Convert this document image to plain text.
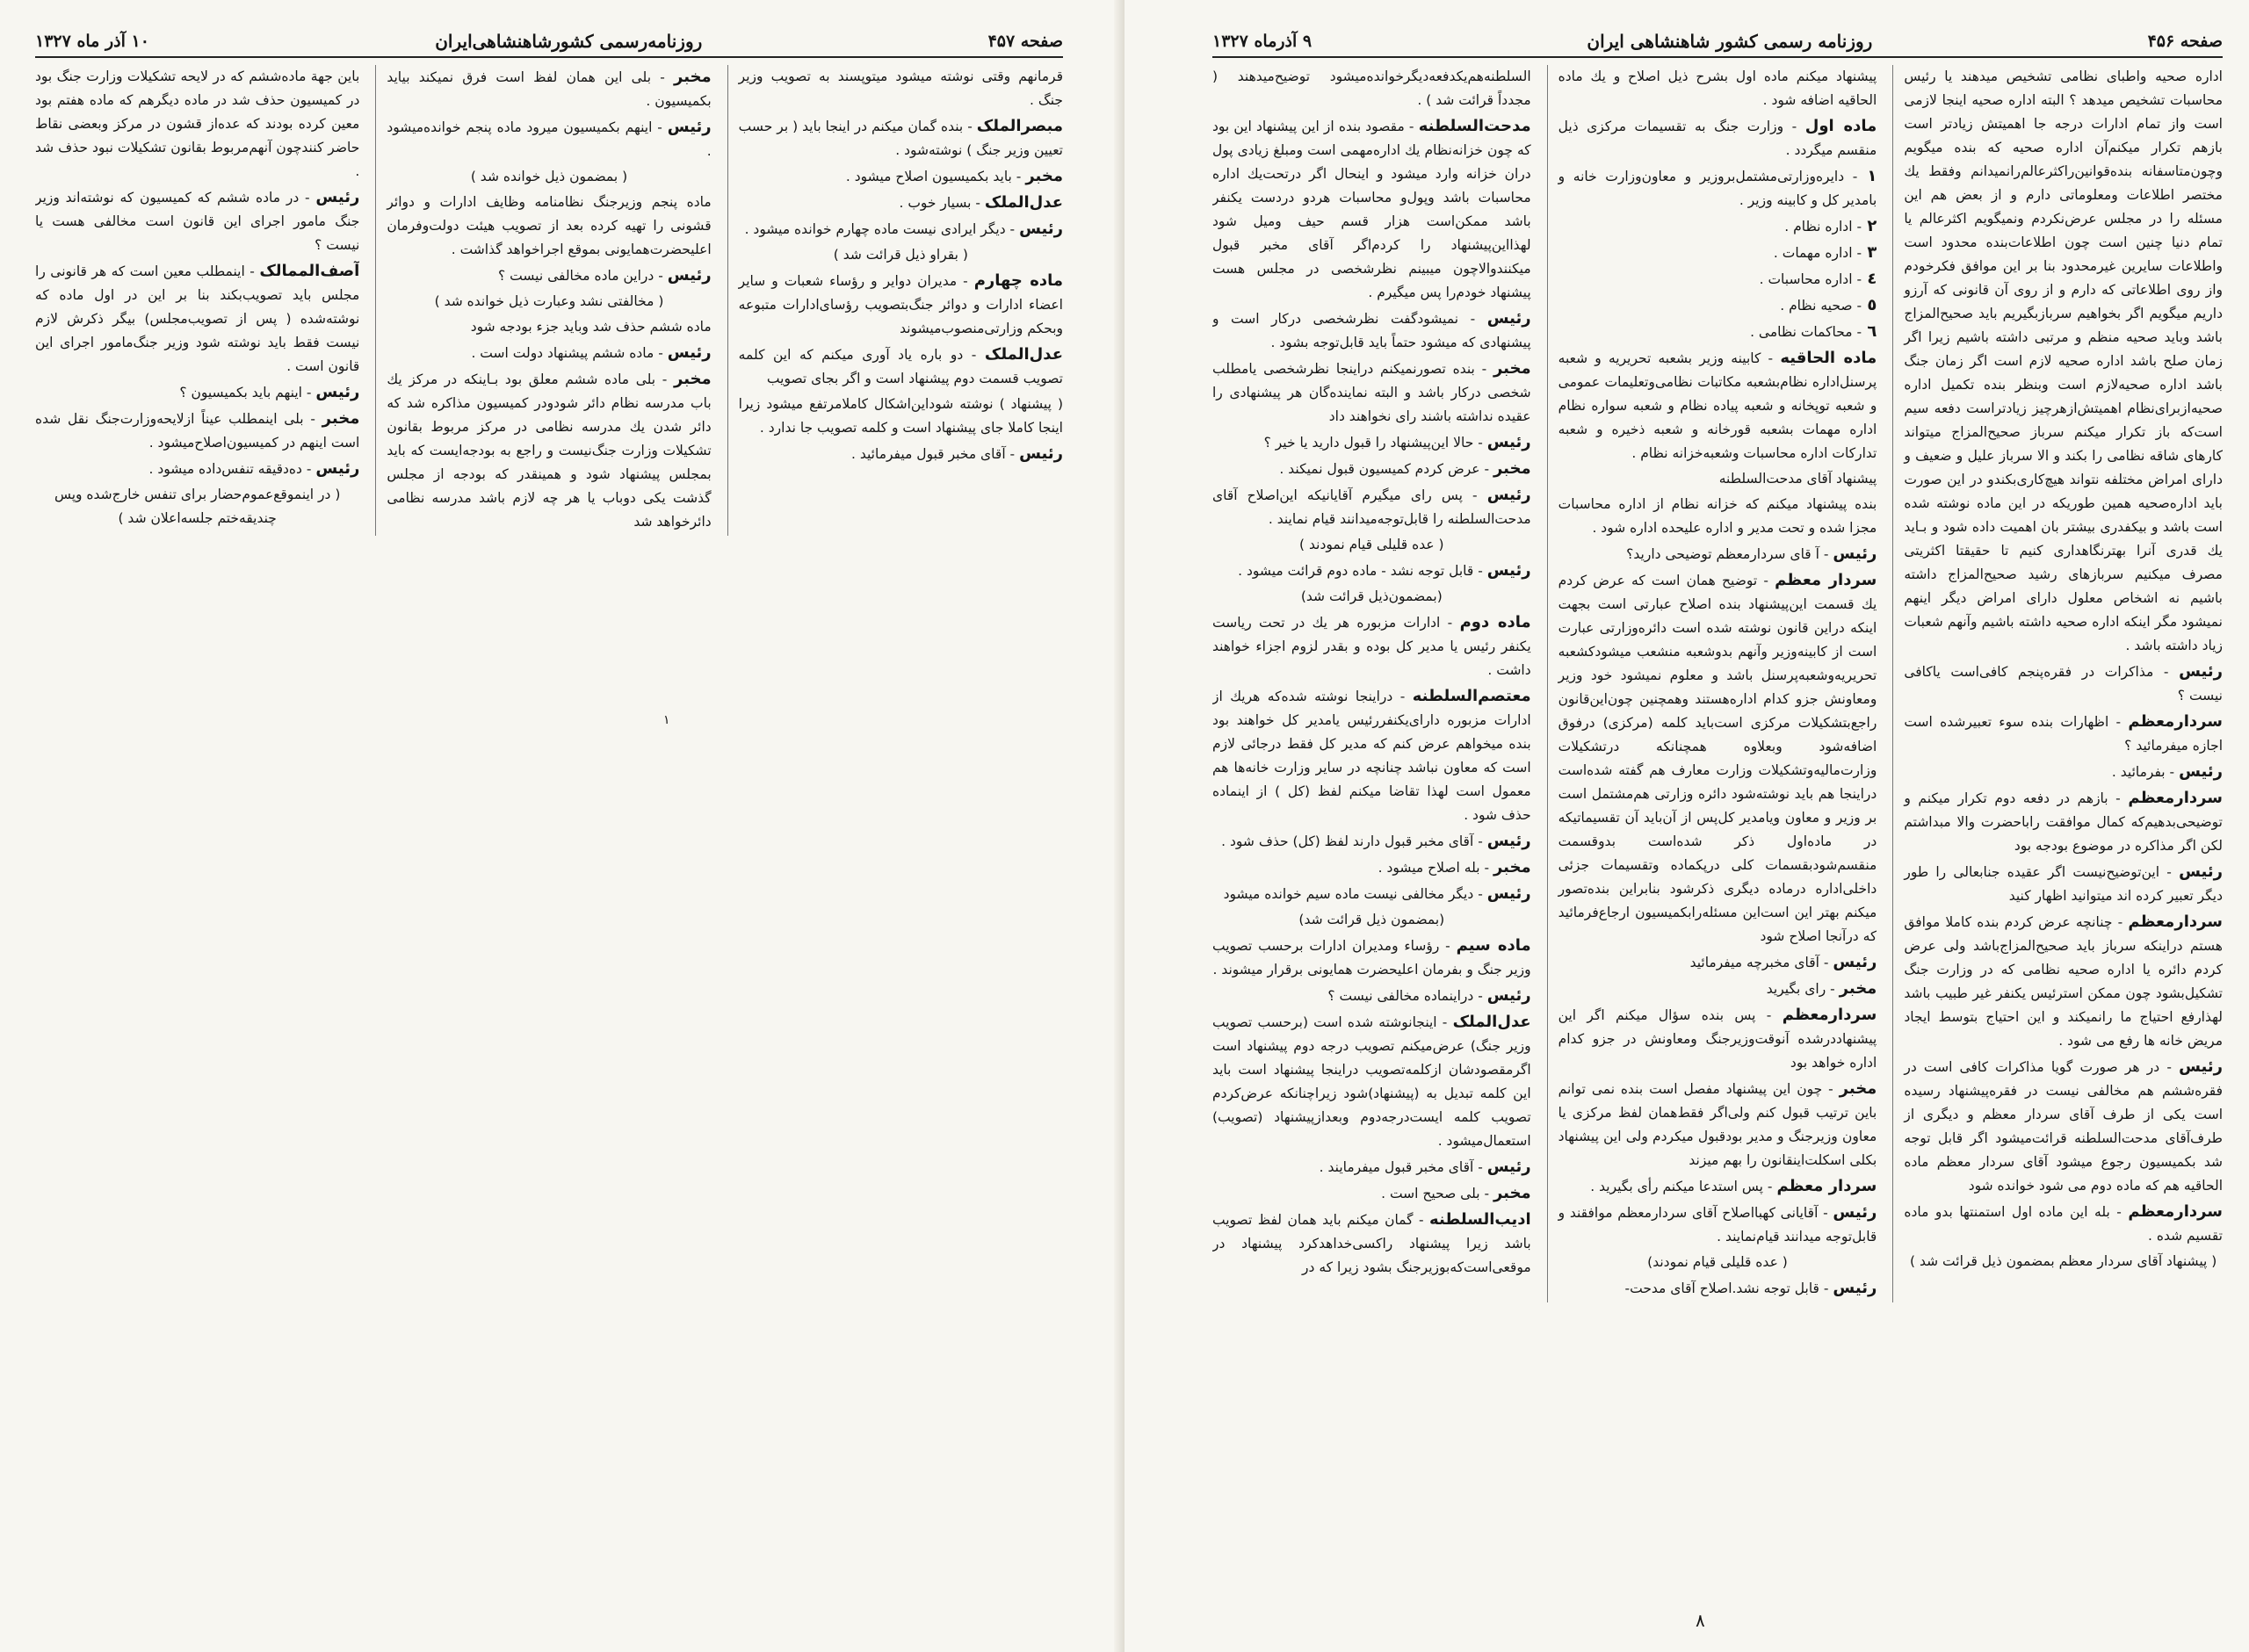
صفحه ۴۵۷
روزنامه‌رسمی کشورشاهنشاهی‌ایران
۱۰ آذر ماه ۱۳۲۷

قرمانهم وقتی نوشته میشود میتوپسند به تصویب وزیر جنگ .

مبصرالملک - بنده گمان میکنم در اینجا باید ( بر حسب تعیین وزیر جنگ ) نوشته‌شود .

مخبر - باید بکمیسیون اصلاح میشود .

عدل‌الملک - بسیار خوب .

رئیس - دیگر ایرادی نیست ماده چهارم خوانده میشود .

( بقراو ذیل قرائت شد )

ماده چهارم - مدیران دوایر و رؤساء شعبات و سایر اعضاء ادارات و دوائر جنگ‌بتصویب رؤسای‌ادارات متبوعه وبحکم وزارتی‌منصوب‌میشوند

عدل‌الملک - دو باره یاد آوری میکنم که این کلمه تصویب قسمت دوم پیشنهاد است و اگر بجای تصویب

( پیشنهاد ) نوشته شوداین‌اشکال کاملامرتفع میشود زیرا اینجا کاملا جای پیشنهاد است و کلمه تصویب جا ندارد .

رئیس - آقای مخبر قبول میفرمائید .

مخبر - بلی این همان لفظ است فرق نمیکند بیاید بکمیسیون .

رئیس - اینهم بکمیسیون میرود ماده پنجم خوانده‌میشود .

( بمضمون ذیل خوانده شد )

ماده پنجم وزیر‌جنگ نظامنامه وظایف ادارات و دوائر قشونی را تهیه کرده بعد از تصویب هیئت دولت‌وفرمان اعلیحضرت‌همایونی بموقع اجراخواهد گذاشت .

رئیس - دراین ماده مخالفی نیست ؟

( مخالفتی نشد وعبارت ذیل خوانده شد )

ماده ششم حذف شد وباید جزء بودجه شود

رئیس - ماده ششم پیشنهاد دولت است .

مخبر - بلی ماده ششم معلق بود بـاینکه در مرکز یك باب مدرسه نظام دائر شودودر کمیسیون مذاکره شد که دائر شدن یك مدرسه نظامی در مرکز مربوط بقانون تشکیلات وزارت جنگ‌نیست و راجع به بودجه‌ایست که باید بمجلس پیشنهاد شود و همینقدر که بودجه از مجلس گذشت یکی دوباب یا هر چه لازم باشد مدرسه نظامی دائرخواهد شد

باین جهة ماده‌ششم که در لایحه تشکیلات وزارت جنگ بود در کمیسیون حذف شد در ماده دیگرهم که ماده هفتم بود معین کرده بودند که عده‌از قشون در مرکز وبعضی نقاط حاضر کنندچون آنهم‌مربوط بقانون تشکیلات نبود حذف شد .

رئیس - در ماده ششم که کمیسیون که نوشته‌اند وزیر جنگ مامور اجرای این قانون است مخالفی هست یا نیست ؟

آصف‌الممالک - اینمطلب معین است که هر قانونی را مجلس باید تصویب‌بکند بنا بر این در اول ماده که نوشته‌شده ( پس از تصویب‌مجلس) بیگر ذکرش لازم نیست فقط باید نوشته شود وزیر جنگ‌مامور اجرای این قانون است .

رئیس - اینهم باید بکمیسیون ؟

مخبر - بلی اینمطلب عیناً ازلایحه‌وزارت‌جنگ نقل شده است اینهم در کمیسیون‌اصلاح‌میشود .

رئیس - دەدقیقه تنفس‌داده میشود .

( در اینموقع‌عموم‌حضار برای تنفس خارج‌شده وپس چندیقه‌ختم جلسه‌اعلان شد )

۱
صفحه ۴۵۶
روزنامه رسمی کشور شاهنشاهی ایران
۹ آذرماه ۱۳۲۷

اداره صحیه واطبای نظامی تشخیص میدهند یا رئیس محاسبات تشخیص میدهد ؟ البته اداره صحیه اینجا لازمی است واز تمام ادارات درجه‌ جا اهمیتش زیادتر است بازهم تکرار میکنم‌آن اداره صحیه که بنده میگویم وچون‌متاسفانه بنده‌قوانین‌را‌کثرعالم‌را‌نمیدانم وفقط یك مختصر اطلاعات ومعلوماتی دارم و از بعض هم این مسئله را در مجلس عرض‌نکردم ونمیگویم اکثرعالم یا تمام دنیا چنین است چون اطلاعات‌بنده محدود است واطلاعات سایرین غیرمحدود بنا بر این موافق فکرخودم واز روی اطلاعاتی که دارم و از روی آن قانونی که آرزو داریم میگویم اگر بخواهیم سربازبگیریم باید صحیح‌المزاج باشد وباید صحیه منظم و مرتبی داشته باشیم زیرا اگر زمان صلح باشد اداره صحیه لازم است اگر زمان جنگ باشد اداره صحیه‌لازم است وبنظر بنده تکمیل اداره صحیه‌ازبرای‌نظام اهمیتش‌ازهرچیز زیادتراست دفعه سیم است‌که باز تکرار میکنم سرباز صحیح‌المزاج میتواند کارهای شاقه نظامی را بکند و الا سرباز علیل و ضعیف و دارای امراض مختلفه نتواند هیچ‌کاری‌بکندو در این صورت باید اداره‌صحیه همین طوریکه در این ماده نوشته شده است باشد و بیکفدری بیشتر بان اهمیت داده شود و بـاید یك قدری آنرا بهتر‌نگاهداری کنیم تا حقیقتا اکثریتی مصرف میکنیم سربازهای رشید صحیح‌المزاج داشته باشیم نه اشخاص معلول دارای امراض دیگر اینهم نمیشود مگر اینکه اداره صحیه داشته باشیم وآنهم شعبات زیاد داشته باشد .

رئیس - مذاکرات در فقره‌پنجم کافی‌است یاکافی نیست ؟

سردار‌معظم - اظهارات بنده سوء تعبیرشده است اجازه میفرمائید ؟

رئیس - بفرمائید .

سردار‌معظم - بازهم در دفعه دوم تکرار میکنم و توضیحی‌بدهیم‌که کمال موافقت‌ رابا‌حضرت والا مبداشتم لکن اگر مذاکره در موضوع بودجه بود

رئیس - این‌توضیح‌نیست اگر عقیده جنابعالی را طور دیگر تعبیر کرده اند میتوانید اظهار کنید

سردار‌معظم - چنانچه عرض کردم بنده کاملا موافق هستم دراینکه سرباز باید صحیح‌المزاج‌باشد ولی عرض کردم دائره یا اداره صحیه نظامی که در وزارت جنگ تشکیل‌بشود چون ممکن استرئیس یکنفر غیر طبیب باشد لهذارفع احتیاج ما رانمیکند و این احتیاج بتوسط ایجاد مریض خانه ها رفع می شود .

رئیس - در هر صورت گویا مذاکرات کافی است در فقره‌ششم هم مخالفی نیست در فقره‌پیشنهاد رسیده است یکی از طرف آقای سردار معظم و دیگری از طرف‌آقای مدحت‌السلطنه قرائت‌میشود اگر قابل توجه شد بکمیسیون رجوع میشود آقای سردار معظم ماده الحاقیه هم که ماده دوم می شود خوانده شود

سردار‌معظم - بله این ماده اول استمنتها بدو ماده تقسیم شده .

( پیشنهاد آقای سردار معظم بمضمون ذیل قرائت شد )

پیشنهاد میکنم ماده اول بشرح ذیل اصلاح و یك ماده الحاقیه اضافه شود .

ماده اول - وزارت جنگ به تقسیمات مرکزی ذیل منقسم میگردد .

۱ - دایره‌وزارتی‌مشتمل‌بروزیر و معاون‌وزارت خانه و بامدیر کل و کابینه وزیر .

۲ - اداره نظام .

۳ - اداره مهمات .

٤ - اداره محاسبات .

٥ - صحیه نظام .

٦ - محاکمات نظامی .

ماده الحاقیه - کابینه وزیر بشعبه تحریریه و شعبه پرسنل‌اداره نظام‌بشعبه مکاتبات نظامی‌وتعلیمات عمومی و شعبه توپخانه و شعبه پیاده نظام و شعبه سواره نظام اداره مهمات بشعبه قورخانه و شعبه ذخیره و شعبه تدارکات اداره محاسبات وشعبه‌خزانه نظام .

پیشنهاد آقای مدحت‌السلطنه

بنده پیشنهاد میکنم که خزانه نظام از اداره محاسبات مجزا شده و تحت مدیر و اداره علیحده اداره شود .

رئیس - آ قای سردارمعظم توضیحی دارید؟

سردار معظم - توضیح همان است که عرض کردم یك قسمت این‌پیشنهاد بنده اصلاح عبارتی است بجهت اینکه دراین قانون نوشته شده است دائره‌وزارتی عبارت است از کابینه‌وزیر وآنهم بدوشعبه منشعب میشود‌کشعبه تحریریه‌وشعبه‌پرسنل باشد و معلوم نمیشود خود وزیر ومعاونش جزو کدام اداره‌هستند وهمچنین چون‌این‌قانون راجع‌بتشکیلات مرکزی است‌باید کلمه (مرکزی) درفوق اضافه‌شود وبعلاوه همچنانکه در‌تشکیلات وزارت‌مالیه‌وتشکیلات وزارت معارف هم گفته شده‌است دراینجا هم‌ باید نوشته‌شود دائره وزارتی هم‌مشتمل است بر وزیر و معاون ویامدیر کل‌پس از آن‌باید آن تقسیماتیکه در ماده‌اول ذکر شده‌است بدوقسمت منقسم‌شودبقسمات کلی درپکماده وتقسیمات جزئی داخلی‌اداره درماده دیگری ذکرشود بنابراین بنده‌تصور میکنم بهتر این است‌این مسئله‌رابکمیسیون ارجاع‌فرمائید که درآنجا اصلاح شود

رئیس - آقای مخبرچه میفرمائید

مخبر - رای بگیرید

سردار‌معظم - پس بنده سؤال میکنم اگر این پیشنهاد‌درشده آنوقت‌وزیرجنگ ومعاونش در جزو کدام اداره خواهد بود

مخبر - چون این پیشنهاد مفصل است بنده نمی توانم باین ترتیب قبول کنم ولی‌اگر فقط‌همان لفظ مرکزی یا معاون وزیرجنگ و مدیر بودقبول میکردم ولی این پیشنهاد بکلی اسکلت‌اینقانون را بهم میزند

سردار معظم - پس استدعا میکنم رأی بگیرید .

رئیس - آقایانی کهبااصلاح آقای سردارمعظم موافقند و قابل‌توجه میدانند قیام‌نمایند .

( عده قلیلی قیام نمودند)

رئیس - قابل توجه نشد.اصلاح آقای مدحت-

السلطنه‌هم‌یکدفعه‌دیگر‌خوانده‌میشود‌ توضیح‌میدهند ( مجدداً قرائت شد ) .

مدحت‌السلطنه - مقصود بنده از این پیشنهاد این بود که چون خزانه‌نظام یك ادارەمهمی است ومبلغ زیادی پول دران خزانه وارد میشود و اینحال اگر درتحت‌یك اداره محاسبات باشد وپول‌و محاسبات هردو دردست یکنفر باشد ممکن‌است هزار قسم حیف ومیل شود لهذا‌این‌پیشنهاد را کردم‌اگر آقای مخبر قبول میکنند‌والاچون‌ میبینم نظرشخصی در مجلس هست پیشنهاد خودم‌را پس میگیرم .

رئیس - نمیشودگفت نظرشخصی درکار است و پیشنهادی که میشود حتماً باید قابل‌توجه بشود .

مخبر - بنده تصورنمیکنم دراینجا نظرشخصی یامطلب شخصی درکار باشد و البته نماینده‌گان هر پیشنهادی را عقیده‌ نداشته باشند رای نخواهند داد

رئیس - حالا این‌پیشنهاد را قبول دارید یا خیر ؟

مخبر - عرض کردم کمیسیون قبول نمیکند .

رئیس - پس رای میگیرم آقایانیکه این‌اصلاح آقای مدحت‌السلطنه را قابل‌توجه‌میدانند قیام نمایند .

( عده قلیلی قیام نمودند )

رئیس - قابل توجه نشد - ماده دوم قرائت میشود .

(بمضمون‌ذیل قرائت شد)

ماده دوم - ادارات مزبوره هر یك در تحت ریاست یکنفر رئیس یا مدیر کل بوده و بقدر لزوم اجزاء خواهند داشت .

معتصم‌السلطنه - دراینجا نوشته شده‌که هریك از ادارات مزبوره دارای‌یکنفر‌رئیس یامدیر کل خواهند بود بنده میخواهم عرض کنم که مدیر کل فقط درجائی لازم است که معاون نباشد چنانچه در سایر وزارت خانه‌ها هم معمول است لهذا تقاضا میکنم لفظ (کل ) از اینماده حذف شود .

رئیس - آقای مخبر قبول دارند لفظ (کل) حذف شود .

مخبر - بله اصلاح میشود .

رئیس - دیگر مخالفی نیست ماده سیم خوانده میشود

(بمضمون ذیل قرائت شد)

ماده سیم - رؤساء ومدیران ادارات برحسب تصویب وزیر جنگ و بفرمان اعلیحضرت همایونی برقرار میشوند .

رئیس - دراینماده مخالفی نیست ؟

عدل‌الملک - اینجانوشته شده است (برحسب تصویب وزیر جنگ) عرض‌میکنم تصویب درجه دوم پیشنهاد است اگرمقصودشان ازکلمه‌تصویب دراینجا پیشنهاد است باید این کلمه تبدیل به (پیشنهاد)شود زیراچنانکه عرض‌کردم تصویب کلمه ایست‌درجه‌دوم وبعدازپیشنهاد (تصویب) استعمال‌میشود .

رئیس - آقای مخبر قبول میفرمایند .

مخبر - بلی صحیح است .

ادیب‌السلطنه - گمان میکنم باید همان لفظ تصویب باشد زیرا پیشنهاد راکسی‌خداهدکرد پیشنهاد در موقعی‌است‌کەبوزیرجنگ بشود زیرا که در

۸
